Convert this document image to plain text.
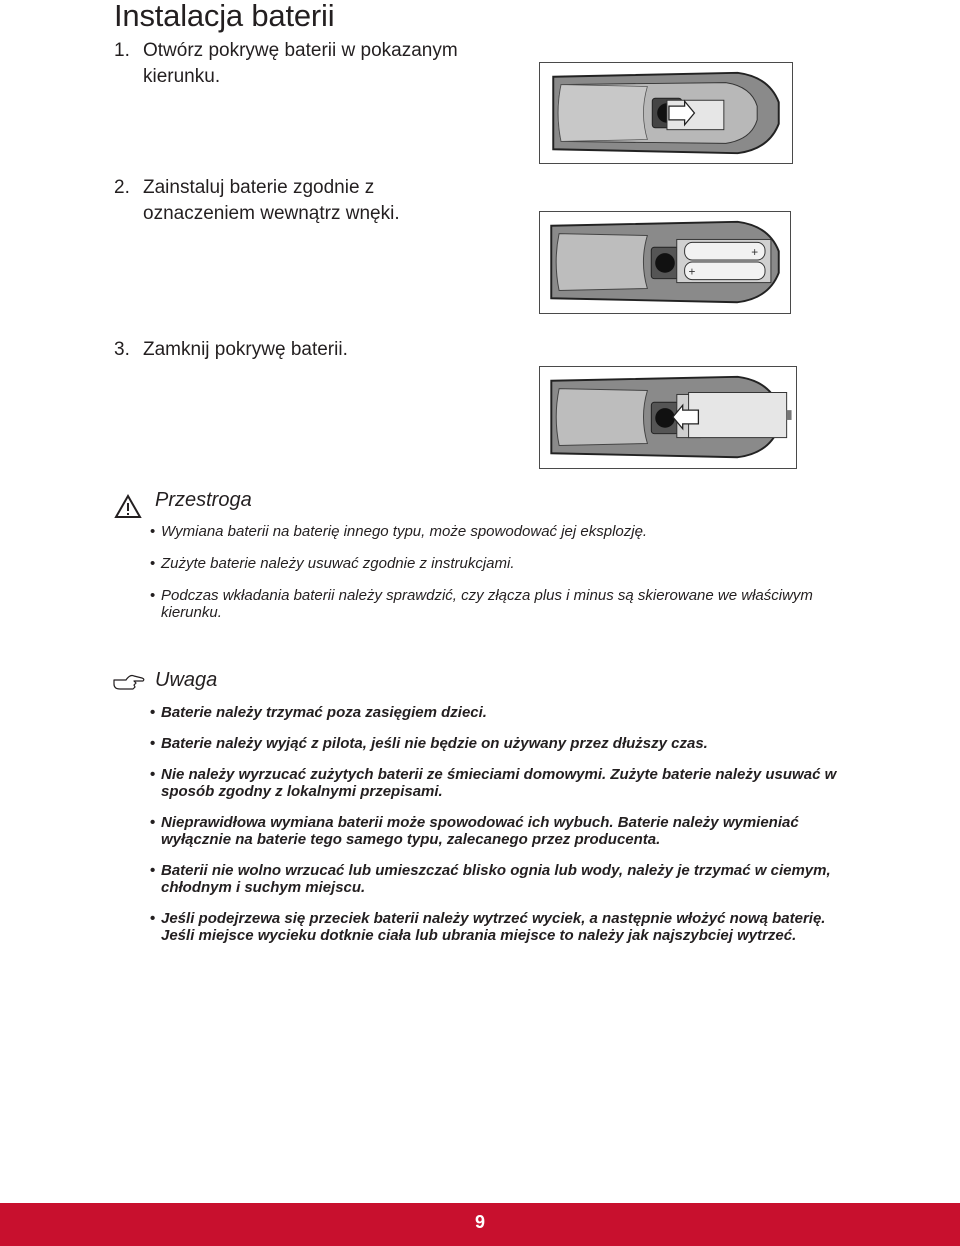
Instalacja baterii
1. Otwórz pokrywę baterii w pokazanym kierunku.
2. Zainstaluj baterie zgodnie z oznaczeniem wewnątrz wnęki.
3. Zamknij pokrywę baterii.
+
+
Przestroga
• Wymiana baterii na baterię innego typu, może spowodować jej eksplozję.
• Zużyte baterie należy usuwać zgodnie z instrukcjami.
• Podczas wkładania baterii należy sprawdzić, czy złącza plus i minus są skierowane we właściwym kierunku.
Uwaga
• Baterie należy trzymać poza zasięgiem dzieci.
• Baterie należy wyjąć z pilota, jeśli nie będzie on używany przez dłuższy czas.
• Nie należy wyrzucać zużytych baterii ze śmieciami domowymi. Zużyte baterie należy usuwać w sposób zgodny z lokalnymi przepisami.
• Nieprawidłowa wymiana baterii może spowodować ich wybuch. Baterie należy wymieniać wyłącznie na baterie tego samego typu, zalecanego przez producenta.
• Baterii nie wolno wrzucać lub umieszczać blisko ognia lub wody, należy je trzymać w ciemym, chłodnym i suchym miejscu.
• Jeśli podejrzewa się przeciek baterii należy wytrzeć wyciek, a następnie włożyć nową baterię. Jeśli miejsce wycieku dotknie ciała lub ubrania miejsce to należy jak najszybciej wytrzeć.
9
